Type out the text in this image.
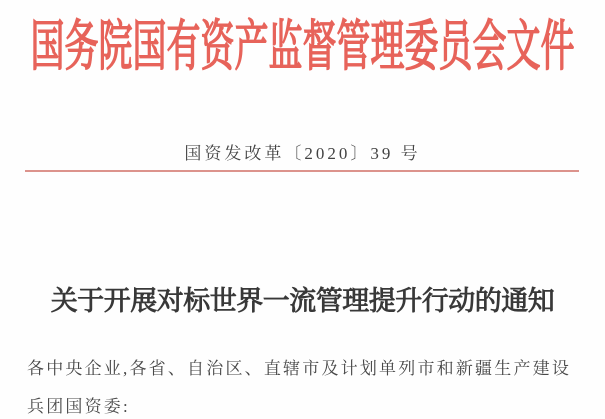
国务院国有资产监督管理委员会文件
国资发改革〔2020〕39 号
关于开展对标世界一流管理提升行动的通知
各中央企业,各省、自治区、直辖市及计划单列市和新疆生产建设
兵团国资委:
